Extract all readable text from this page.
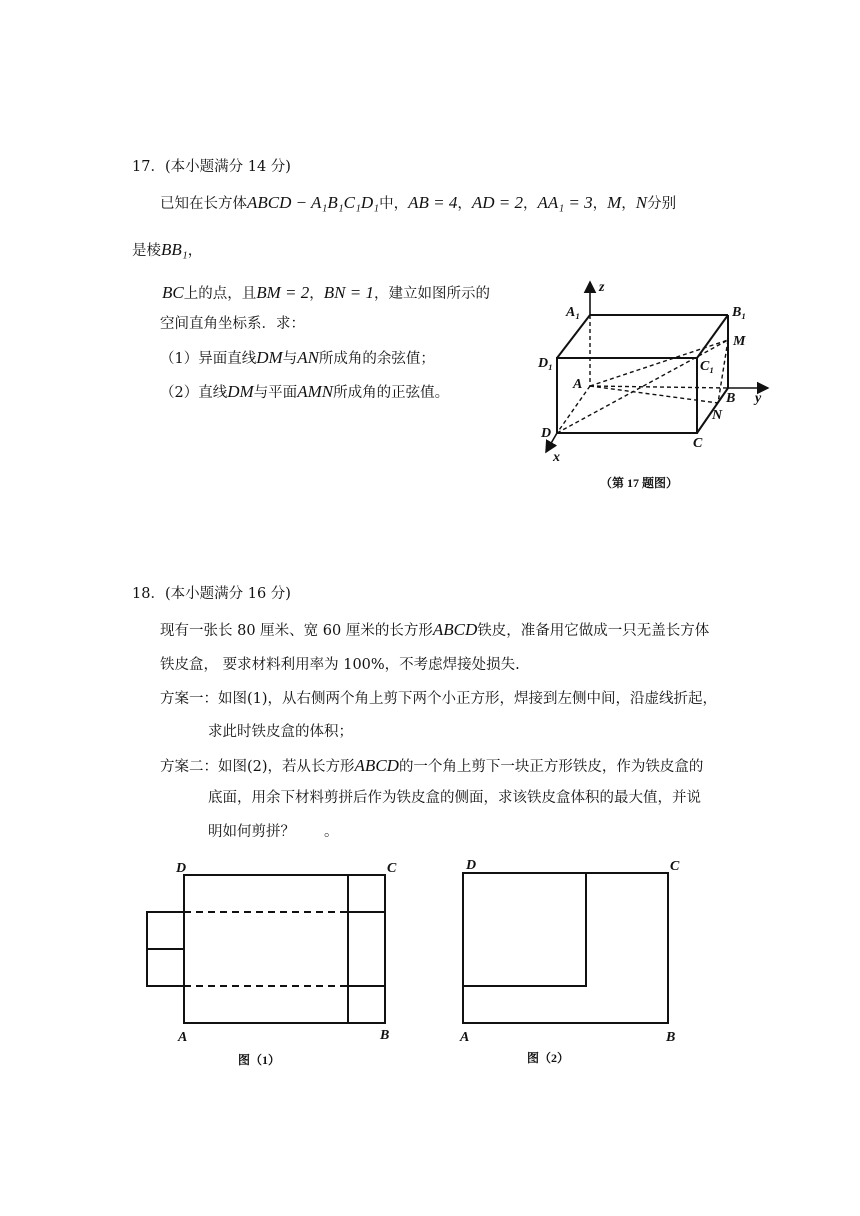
17．(本小题满分 14 分)
已知在长方体ABCD − A₁B₁C₁D₁中，AB = 4，AD = 2，AA₁ = 3，M，N分别
是棱BB₁，
BC上的点，且BM = 2，BN = 1，建立如图所示的
空间直角坐标系．求：
（1）异面直线DM与AN所成角的余弦值；
（2）直线DM与平面AMN所成角的正弦值。
A₁	B₁
D₁	C₁
A
B
C
D
M
N
y
z
x
（第 17 题图）
18．(本小题满分 16 分)
现有一张长 80 厘米、宽 60 厘米的长方形ABCD铁皮，准备用它做成一只无盖长方体
铁皮盒， 要求材料利用率为 100%，不考虑焊接处损失.
方案一：如图(1)，从右侧两个角上剪下两个小正方形，焊接到左侧中间，沿虚线折起，
求此时铁皮盒的体积；
方案二：如图(2)，若从长方形ABCD的一个角上剪下一块正方形铁皮，作为铁皮盒的
底面，用余下材料剪拼后作为铁皮盒的侧面，求该铁皮盒体积的最大值，并说
明如何剪拼？　　。
D	C
A	B
图（1）
D	C
A	B
图（2）
